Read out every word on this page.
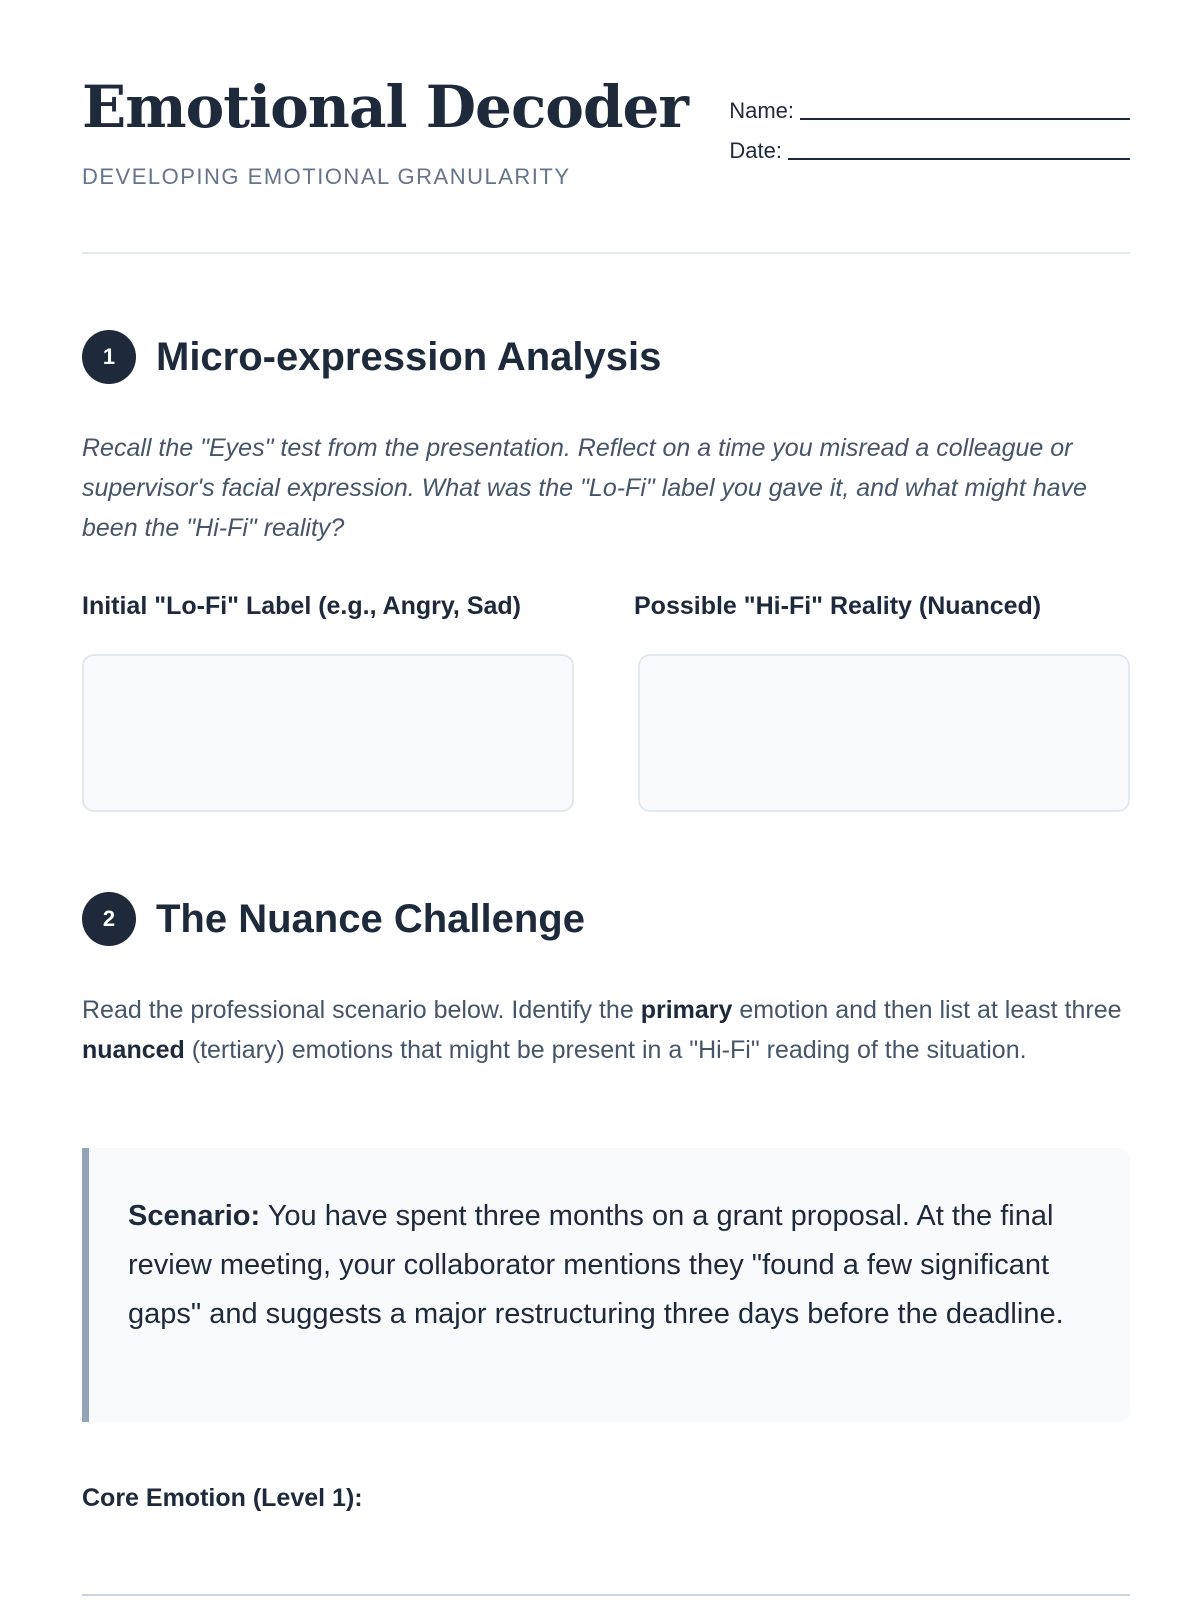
Emotional Decoder
DEVELOPING EMOTIONAL GRANULARITY
Name:
Date:
1	Micro-expression Analysis

Recall the "Eyes" test from the presentation. Reflect on a time you misread a colleague or supervisor's facial expression. What was the "Lo-Fi" label you gave it, and what might have been the "Hi-Fi" reality?

Initial "Lo-Fi" Label (e.g., Angry, Sad)	Possible "Hi-Fi" Reality (Nuanced)
2	The Nuance Challenge

Read the professional scenario below. Identify the primary emotion and then list at least three nuanced (tertiary) emotions that might be present in a "Hi-Fi" reading of the situation.

Scenario: You have spent three months on a grant proposal. At the final review meeting, your collaborator mentions they "found a few significant gaps" and suggests a major restructuring three days before the deadline.

Core Emotion (Level 1):
